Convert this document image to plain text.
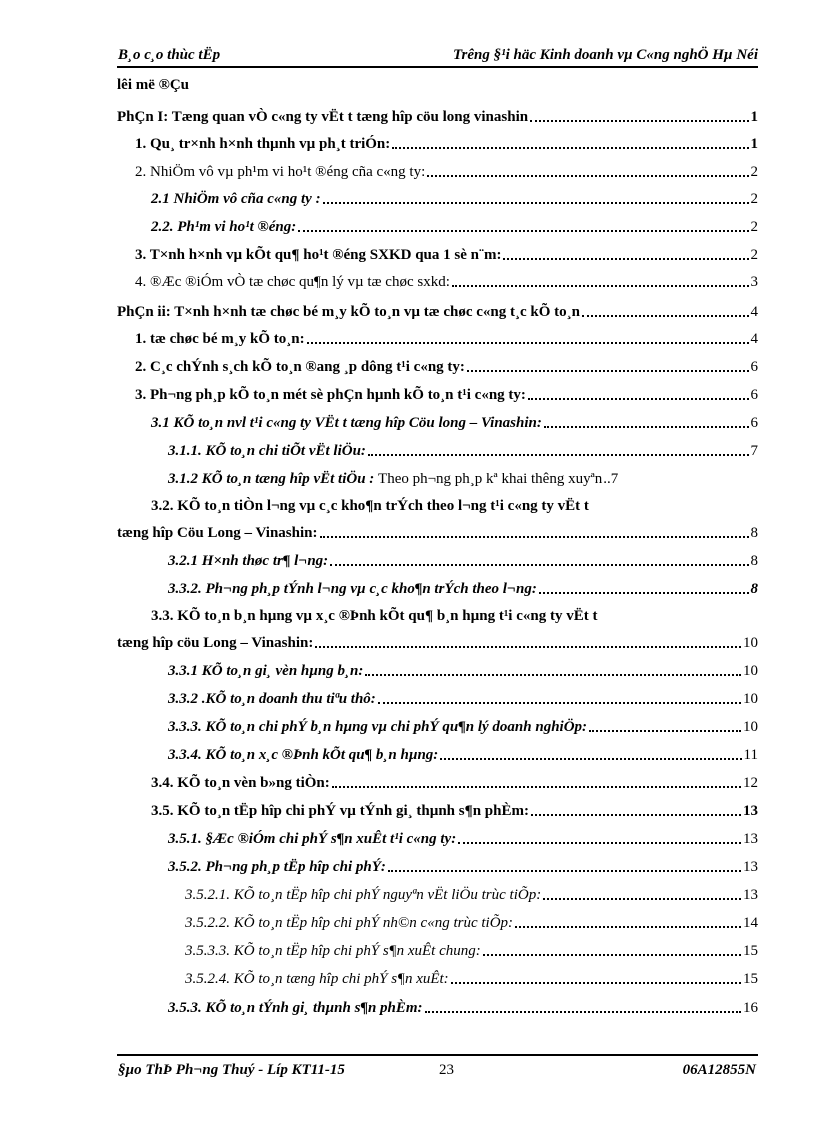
B¸o c¸o thùc tËp	Trêng §¹i häc Kinh doanh vµ C«ng nghÖ Hµ Néi
lêi më ®Çu
PhÇn I: Tæng quan vÒ c«ng ty vËt t tæng hîp cöu long vinashin	1
1. Qu¸ tr×nh h×nh thµnh vµ ph¸t triÓn:	1
2. NhiÖm vô vµ ph¹m vi ho¹t ®éng cña c«ng ty:	2
2.1 NhiÖm vô cña c«ng ty :	2
2.2. Ph¹m vi ho¹t ®éng:	2
3. T×nh h×nh vµ kÕt qu¶ ho¹t ®éng SXKD qua 1 sè n¨m:	2
4. ®Æc ®iÓm vÒ tæ chøc qu¶n lý vµ tæ chøc sxkd:	3
PhÇn ii: T×nh h×nh tæ chøc bé m¸y kÕ to¸n vµ tæ chøc c«ng t¸c kÕ to¸n	4
1. tæ chøc bé m¸y kÕ to¸n:	4
2. C¸c chÝnh s¸ch kÕ to¸n ®ang ¸p dông t¹i c«ng ty:	6
3. Ph¬ng ph¸p kÕ to¸n mét sè phÇn hµnh kÕ to¸n t¹i c«ng ty:	6
3.1 KÕ to¸n nvl t¹i c«ng ty VËt t tæng hîp Cöu long – Vinashin:	6
3.1.1. KÕ to¸n chi tiÕt vËt liÖu:	7
3.1.2 KÕ to¸n tæng hîp vËt tiÖu :
Theo ph¬ng ph¸p kª khai thêng xuyªn .. 7
3.2. KÕ to¸n tiÒn l¬ng vµ c¸c kho¶n trÝch theo l¬ng t¹i c«ng ty vËt t
tæng hîp Cöu Long – Vinashin:	8
3.2.1 H×nh thøc tr¶ l¬ng:	8
3.3.2. Ph¬ng ph¸p tÝnh l¬ng vµ c¸c kho¶n trÝch theo l¬ng:	8
3.3. KÕ to¸n b¸n hµng vµ x¸c ®Þnh kÕt qu¶ b¸n hµng t¹i c«ng ty vËt t
tæng hîp cöu Long – Vinashin:	10
3.3.1 KÕ to¸n gi¸ vèn hµng b¸n:	10
3.3.2 .KÕ to¸n doanh thu tiªu thô:	10
3.3.3. KÕ to¸n chi phÝ b¸n hµng vµ chi phÝ qu¶n lý doanh nghiÖp:	10
3.3.4. KÕ to¸n x¸c ®Þnh kÕt qu¶ b¸n hµng:	11
3.4. KÕ to¸n vèn b»ng tiÒn:	12
3.5. KÕ to¸n tËp hîp chi phÝ vµ tÝnh gi¸ thµnh s¶n phÈm:	13
3.5.1. §Æc ®iÓm chi phÝ s¶n xuÊt t¹i c«ng ty:	13
3.5.2. Ph¬ng ph¸p tËp hîp chi phÝ:	13
3.5.2.1. KÕ to¸n tËp hîp chi phÝ nguyªn vËt liÖu trùc tiÕp:	13
3.5.2.2. KÕ to¸n tËp hîp chi phÝ nh©n c«ng trùc tiÕp:	14
3.5.3.3. KÕ to¸n tËp hîp chi phÝ s¶n xuÊt chung:	15
3.5.2.4. KÕ to¸n tæng hîp chi phÝ s¶n xuÊt:	15
3.5.3. KÕ to¸n tÝnh gi¸ thµnh s¶n phÈm:	16
§µo ThÞ Ph¬ng Thuý - Líp KT11-15	23	06A12855N
